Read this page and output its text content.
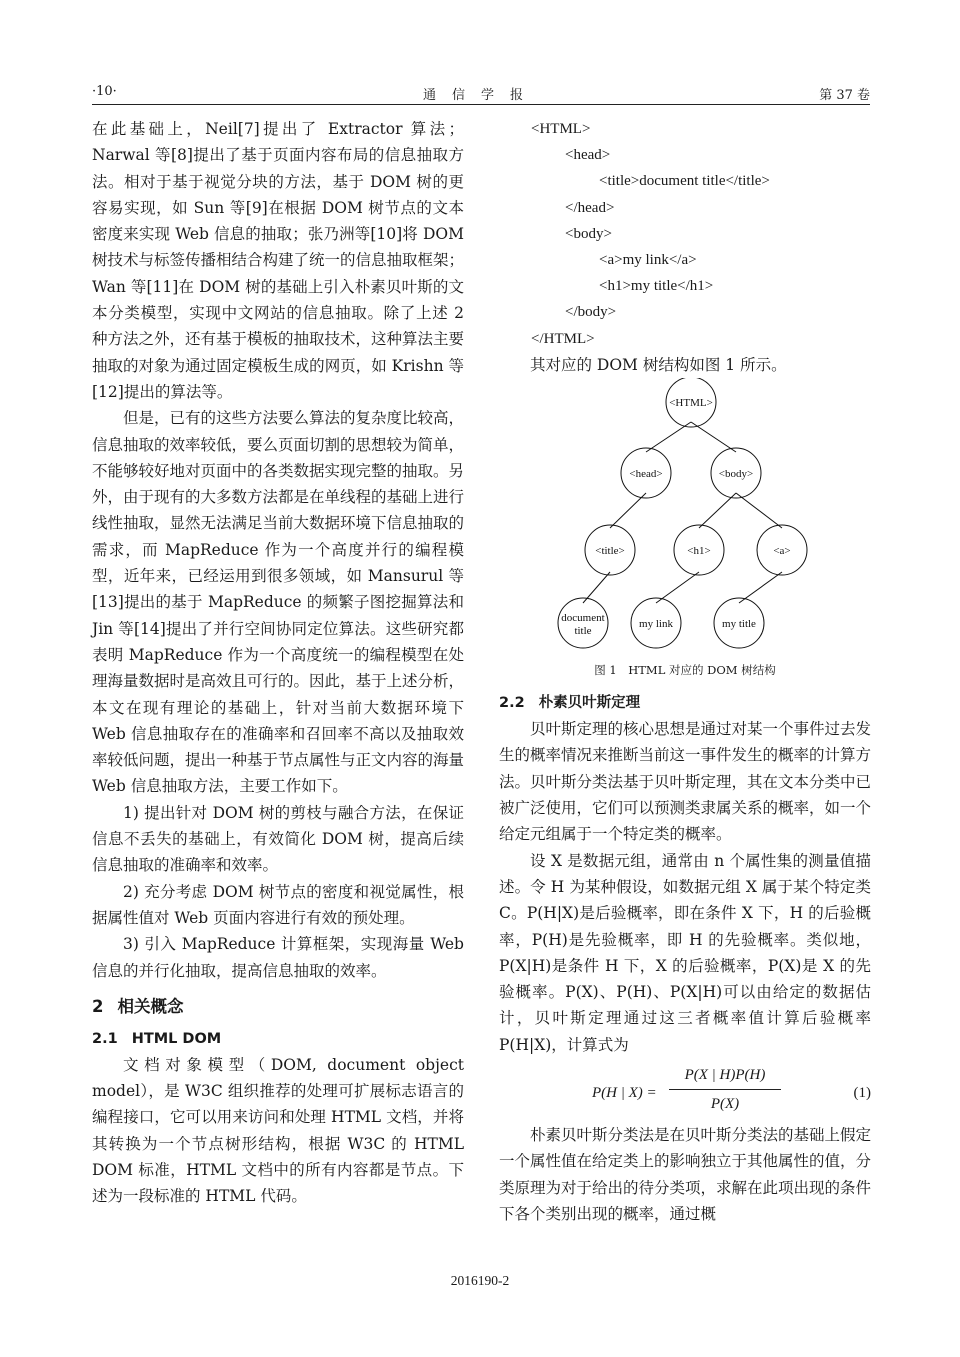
·10·	通信学报	第 37 卷

在此基础上，Neil[7]提出了 Extractor 算法；Narwal 等[8]提出了基于页面内容布局的信息抽取方法。相对于基于视觉分块的方法，基于 DOM 树的更容易实现，如 Sun 等[9]在根据 DOM 树节点的文本密度来实现 Web 信息的抽取；张乃洲等[10]将 DOM 树技术与标签传播相结合构建了统一的信息抽取框架；Wan 等[11]在 DOM 树的基础上引入朴素贝叶斯的文本分类模型，实现中文网站的信息抽取。除了上述 2 种方法之外，还有基于模板的抽取技术，这种算法主要抽取的对象为通过固定模板生成的网页，如 Krishn 等[12]提出的算法等。

但是，已有的这些方法要么算法的复杂度比较高，信息抽取的效率较低，要么页面切割的思想较为简单，不能够较好地对页面中的各类数据实现完整的抽取。另外，由于现有的大多数方法都是在单线程的基础上进行线性抽取，显然无法满足当前大数据环境下信息抽取的需求，而 MapReduce 作为一个高度并行的编程模型，近年来，已经运用到很多领域，如 Mansurul 等[13]提出的基于 MapReduce 的频繁子图挖掘算法和 Jin 等[14]提出了并行空间协同定位算法。这些研究都表明 MapReduce 作为一个高度统一的编程模型在处理海量数据时是高效且可行的。因此，基于上述分析，本文在现有理论的基础上，针对当前大数据环境下 Web 信息抽取存在的准确率和召回率不高以及抽取效率较低问题，提出一种基于节点属性与正文内容的海量 Web 信息抽取方法，主要工作如下。

1) 提出针对 DOM 树的剪枝与融合方法，在保证信息不丢失的基础上，有效简化 DOM 树，提高后续信息抽取的准确率和效率。

2) 充分考虑 DOM 树节点的密度和视觉属性，根据属性值对 Web 页面内容进行有效的预处理。

3) 引入 MapReduce 计算框架，实现海量 Web 信息的并行化抽取，提高信息抽取的效率。

2 相关概念
2.1 HTML DOM

文档对象模型（DOM, document object model），是 W3C 组织推荐的处理可扩展标志语言的编程接口，它可以用来访问和处理 HTML 文档，并将其转换为一个节点树形结构，根据 W3C 的 HTML DOM 标准，HTML 文档中的所有内容都是节点。下述为一段标准的 HTML 代码。

<HTML>
<head>
<title>document title</title>
</head>
<body>
<a>my link</a>
<h1>my title</h1>
</body>
</HTML>

其对应的 DOM 树结构如图 1 所示。

<HTML>
<head>	<body>
<title>	<h1>	<a>
document
title
my link	my title
图 1　HTML 对应的 DOM 树结构
2.2 朴素贝叶斯定理

贝叶斯定理的核心思想是通过对某一个事件过去发生的概率情况来推断当前这一事件发生的概率的计算方法。贝叶斯分类法基于贝叶斯定理，其在文本分类中已被广泛使用，它们可以预测类隶属关系的概率，如一个给定元组属于一个特定类的概率。

设 X 是数据元组，通常由 n 个属性集的测量值描述。令 H 为某种假设，如数据元组 X 属于某个特定类 C。P(H|X)是后验概率，即在条件 X 下，H 的后验概率，P(H)是先验概率，即 H 的先验概率。类似地，P(X|H)是条件 H 下，X 的后验概率，P(X)是 X 的先验概率。P(X)、P(H)、P(X|H)可以由给定的数据估计，贝叶斯定理通过这三者概率值计算后验概率 P(H|X)，计算式为

P(H | $X) = \frac{P(X | H)P(H)}{P(X)}$	(1)

朴素贝叶斯分类法是在贝叶斯分类法的基础上假定一个属性值在给定类上的影响独立于其他属性的值，分类原理为对于给出的待分类项，求解在此项出现的条件下各个类别出现的概率，通过概

2016190-2
